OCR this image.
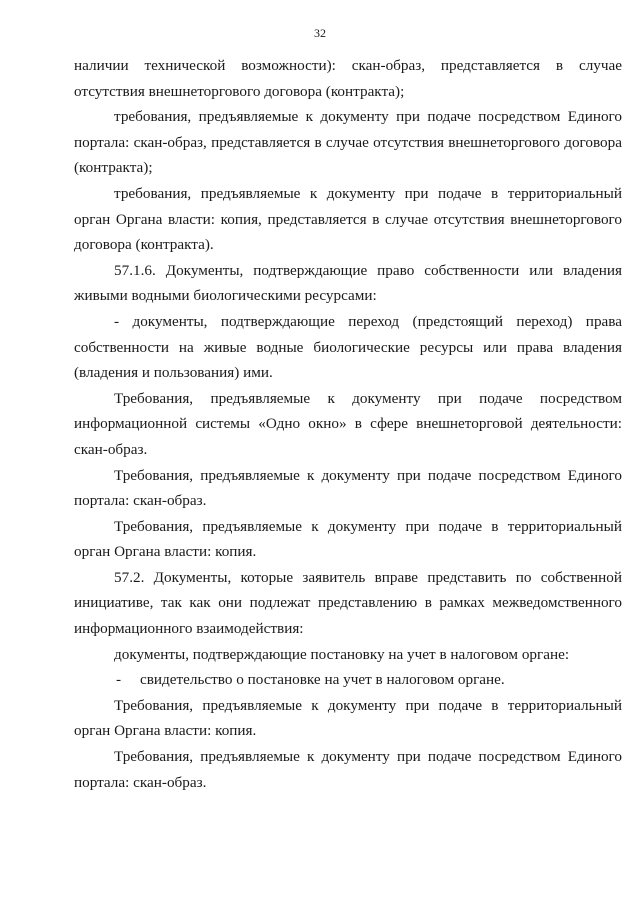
32

наличии технической возможности): скан-образ, представляется в случае отсутствия внешнеторгового договора (контракта);

требования, предъявляемые к документу при подаче посредством Единого портала: скан-образ, представляется в случае отсутствия внешнеторгового договора (контракта);

требования, предъявляемые к документу при подаче в территориальный орган Органа власти: копия, представляется в случае отсутствия внешнеторгового договора (контракта).

57.1.6. Документы, подтверждающие право собственности или владения живыми водными биологическими ресурсами:

- документы, подтверждающие переход (предстоящий переход) права собственности на живые водные биологические ресурсы или права владения (владения и пользования) ими.

Требования, предъявляемые к документу при подаче посредством информационной системы «Одно окно» в сфере внешнеторговой деятельности: скан-образ.

Требования, предъявляемые к документу при подаче посредством Единого портала: скан-образ.

Требования, предъявляемые к документу при подаче в территориальный орган Органа власти: копия.

57.2. Документы, которые заявитель вправе представить по собственной инициативе, так как они подлежат представлению в рамках межведомственного информационного взаимодействия:

документы, подтверждающие постановку на учет в налоговом органе:

-	свидетельство о постановке на учет в налоговом органе.

Требования, предъявляемые к документу при подаче в территориальный орган Органа власти: копия.

Требования, предъявляемые к документу при подаче посредством Единого портала: скан-образ.
